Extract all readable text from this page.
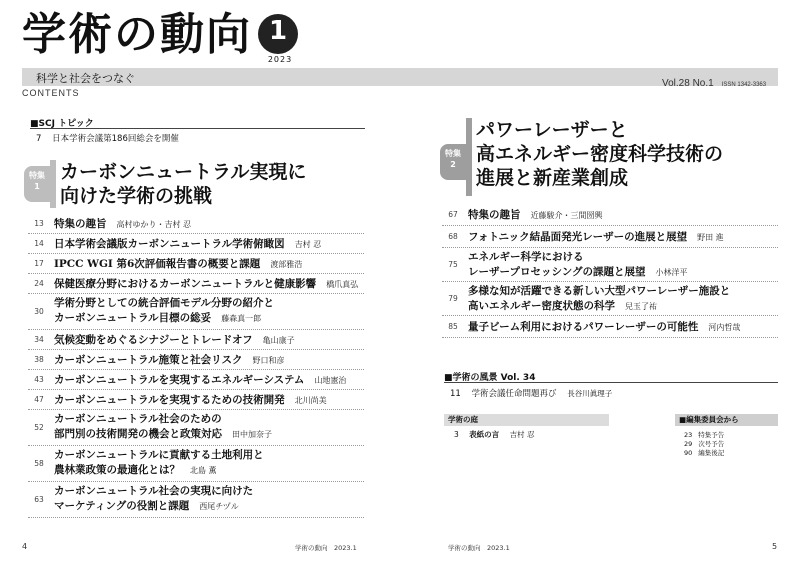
学術の動向 1
2023
科学と社会をつなぐ	Vol.28 No.1 ISSN 1342-3363
CONTENTS
■SCJ トピック
7 日本学術会議第186回総会を開催
特集
1
カーボンニュートラル実現に
向けた学術の挑戦
13 特集の趣旨 高村ゆかり・吉村 忍
14 日本学術会議版カーボンニュートラル学術俯瞰図 吉村 忍
17 IPCC WGI 第6次評価報告書の概要と課題 渡部雅浩
24 保健医療分野におけるカーボンニュートラルと健康影響 橋爪真弘
30
学術分野としての統合評価モデル分野の紹介と
カーボンニュートラル目標の総妥 藤森真一郎
34 気候変動をめぐるシナジーとトレードオフ 亀山康子
38 カーボンニュートラル施策と社会リスク 野口和彦
43 カーボンニュートラルを実現するエネルギーシステム 山地憲治
47 カーボンニュートラルを実現するための技術開発 北川尚美
52
カーボンニュートラル社会のための
部門別の技術開発の機会と政策対応 田中加奈子
58
カーボンニュートラルに貢献する土地利用と
農林業政策の最適化とは？ 北島 薫
63
カーボンニュートラル社会の実現に向けた
マーケティングの役割と課題 西尾チヅル
特集
2
パワーレーザーと
高エネルギー密度科学技術の
進展と新産業創成
67 特集の趣旨 近藤駿介・三間圀興
68 フォトニック結晶面発光レーザーの進展と展望 野田 進
75
エネルギー科学における
レーザープロセッシングの課題と展望 小林洋平
79
多様な知が活躍できる新しい大型パワーレーザー施設と
高いエネルギー密度状態の科学 兒玉了祐
85 量子ビーム利用におけるパワーレーザーの可能性 河内哲哉
■学術の風景 Vol. 34
11 学術会議任命問題再び 長谷川眞理子
学術の庭
3 表紙の言 吉村 忍
■編集委員会から
23 特集予告
29 次号予告
90 編集後記
4	学術の動向　2023.1	学術の動向　2023.1	5
